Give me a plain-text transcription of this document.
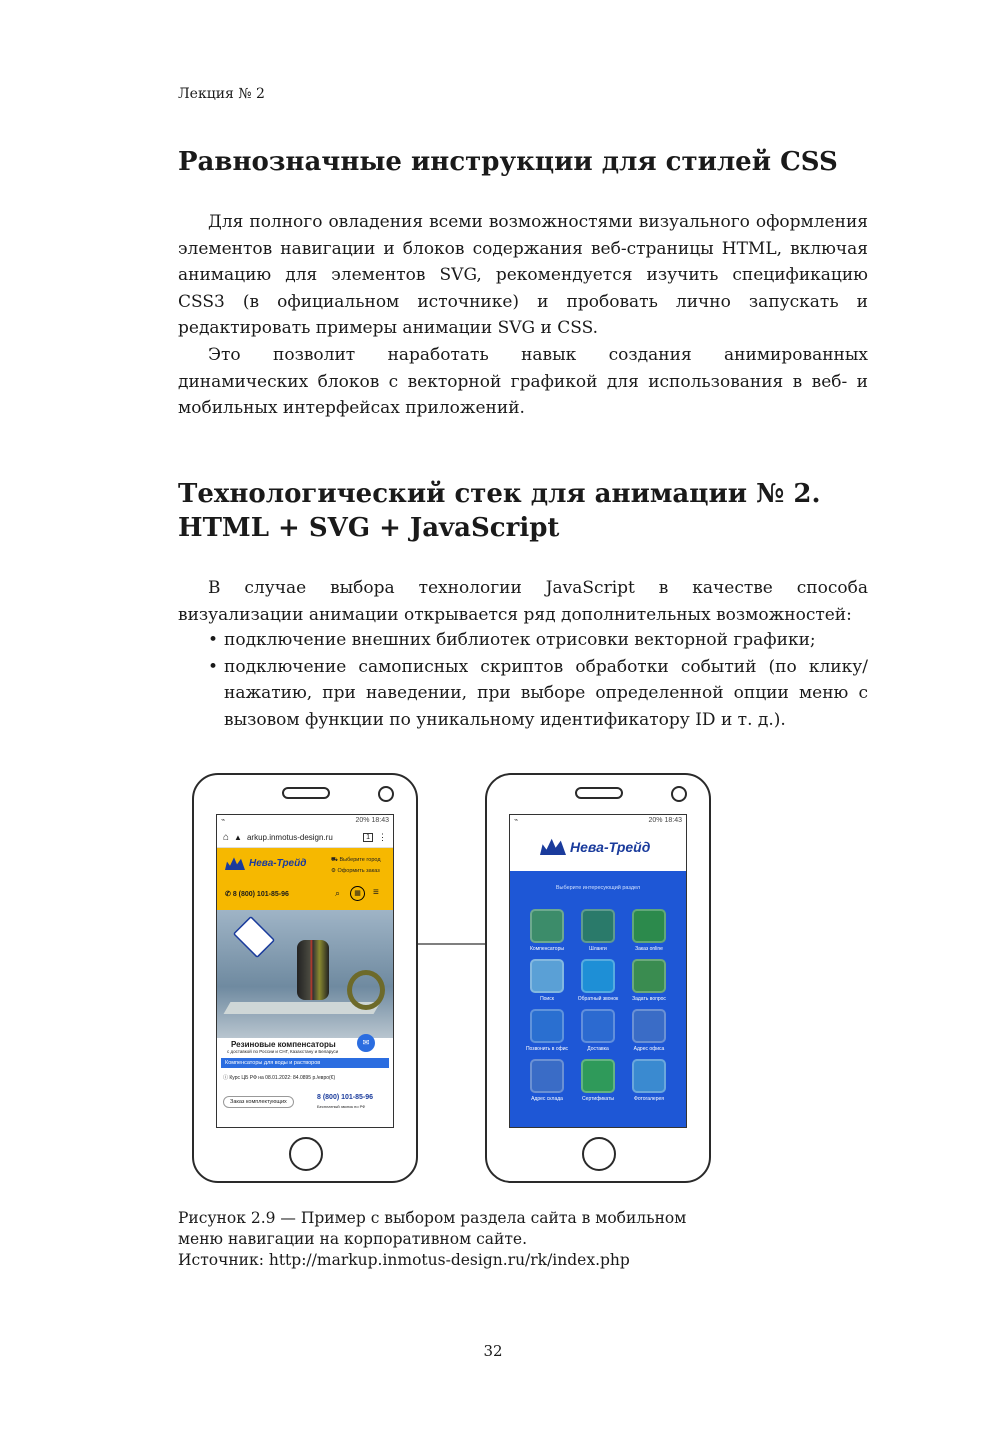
Лекция № 2
Равнозначные инструкции для стилей CSS

Для полного овладения всеми возможностями визуального оформления элементов навигации и блоков содержания веб-страницы HTML, включая анимацию для элементов SVG, рекомендуется изучить спецификацию CSS3 (в официальном источнике) и пробовать лично запускать и редактировать примеры анимации SVG и CSS.

Это позволит наработать навык создания анимированных динамических блоков с векторной графикой для использования в веб- и мобильных интерфейсах приложений.

Технологический стек для анимации № 2.
HTML + SVG + JavaScript

В случае выбора технологии JavaScript в качестве способа визуализации анимации открывается ряд дополнительных возможностей:

• подключение внешних библиотек отрисовки векторной графики;
• подключение самописных скриптов обработки событий (по клику/нажатию, при наведении, при выборе определенной опции меню с вызовом функции по уникальному идентификатору ID и т. д.).
⌁	20% 18:43
⌂ ▲ arkup.inmotus-design.ru	1 ⋮
Нева-Трейд	⛟ Выберите город
⚙ Оформить заказ
✆ 8 (800) 101-85-96	⌕	▦	≡
Резиновые компенсаторы
с доставкой по России и СНГ, Казахстану и Беларуси
✉
Компенсаторы для воды и растворов
ⓘ Курс ЦБ РФ на 08.01.2022: 84.0895 р./евро(€)
Заказ комплектующих
8 (800) 101-85-96
Бесплатный звонок по РФ
⌁	20% 18:43
Нева-Трейд
Выберите интересующий раздел
Компенсаторы	Шланги	Заказ online
Поиск	Обратный звонок	Задать вопрос
Позвонить в офис	Доставка	Адрес офиса
Адрес склада	Сертификаты	Фотогалерея
Рисунок 2.9 — Пример с выбором раздела сайта в мобильном
меню навигации на корпоративном сайте.
Источник: http://markup.inmotus-design.ru/rk/index.php
32
